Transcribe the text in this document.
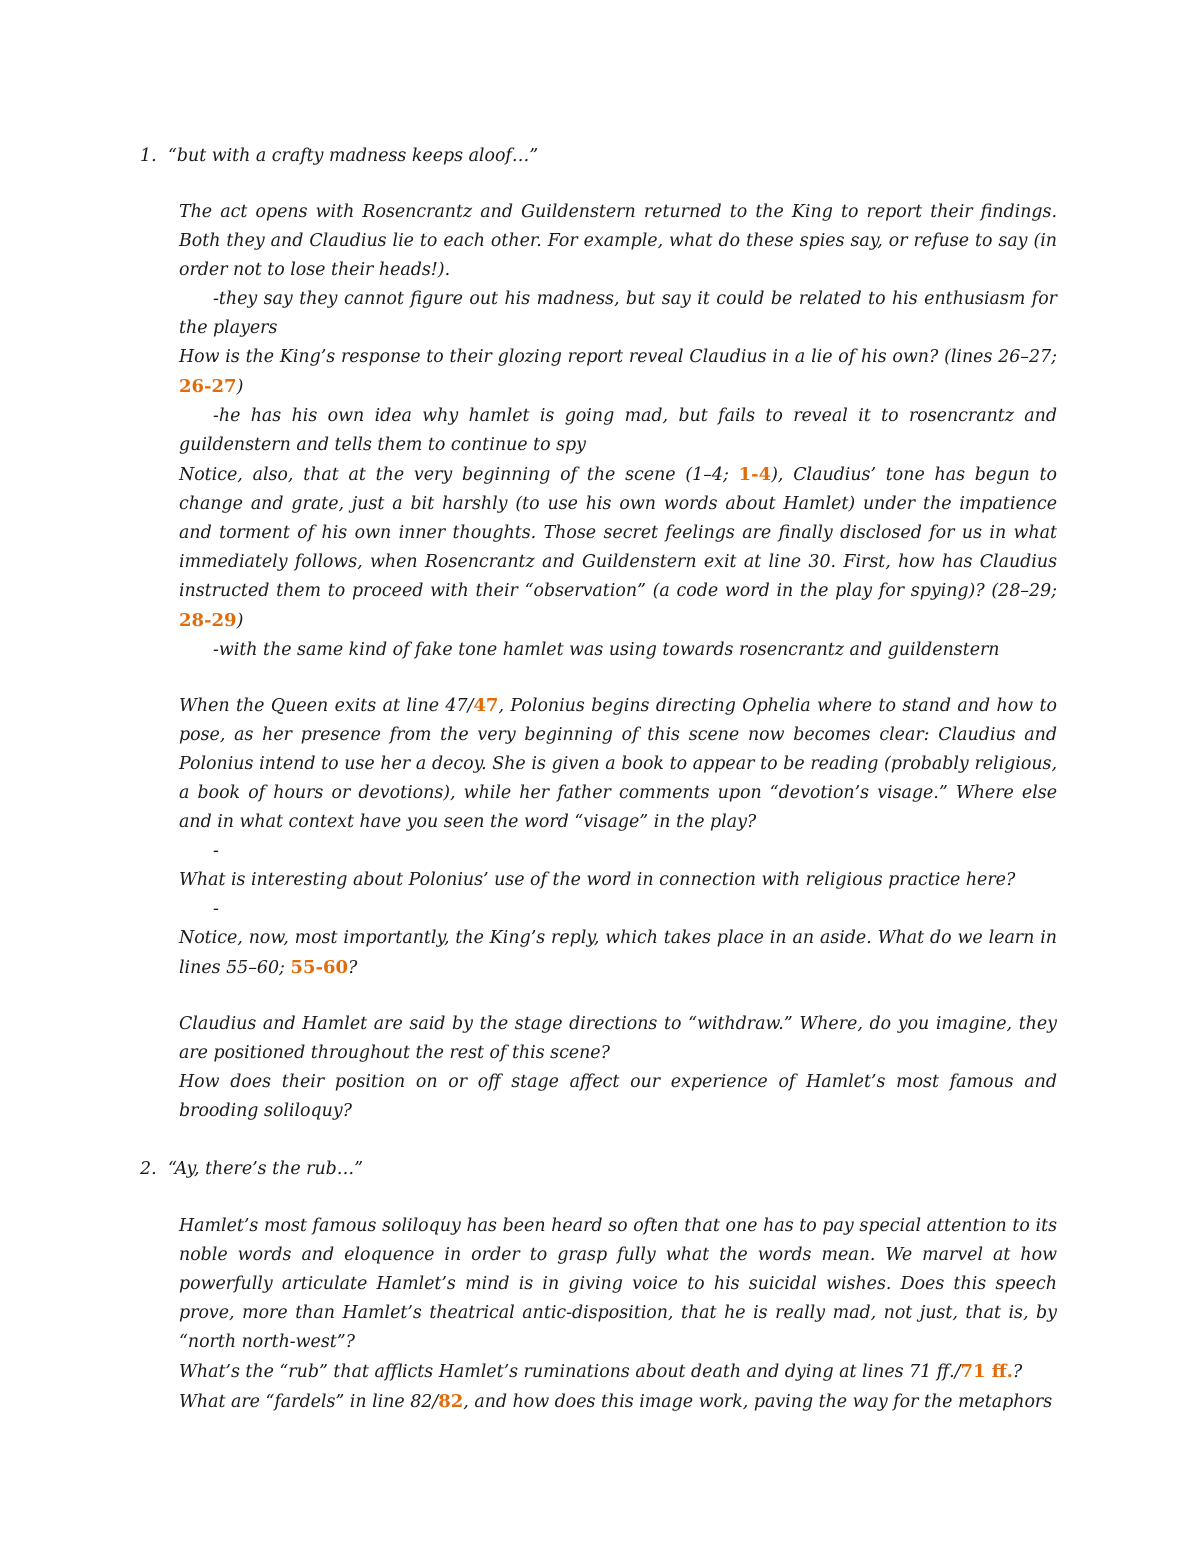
1. “but with a crafty madness keeps aloof…”

The act opens with Rosencrantz and Guildenstern returned to the King to report their findings. Both they and Claudius lie to each other. For example, what do these spies say, or refuse to say (in order not to lose their heads!).

-they say they cannot figure out his madness, but say it could be related to his enthusiasm for the players

How is the King’s response to their glozing report reveal Claudius in a lie of his own? (lines 26–27; 26-27)

-he has his own idea why hamlet is going mad, but fails to reveal it to rosencrantz and guildenstern and tells them to continue to spy

Notice, also, that at the very beginning of the scene (1–4; 1-4), Claudius’ tone has begun to change and grate, just a bit harshly (to use his own words about Hamlet) under the impatience and torment of his own inner thoughts. Those secret feelings are finally disclosed for us in what immediately follows, when Rosencrantz and Guildenstern exit at line 30. First, how has Claudius instructed them to proceed with their “observation” (a code word in the play for spying)? (28–29; 28-29)

-with the same kind of fake tone hamlet was using towards rosencrantz and guildenstern

When the Queen exits at line 47/47, Polonius begins directing Ophelia where to stand and how to pose, as her presence from the very beginning of this scene now becomes clear: Claudius and Polonius intend to use her a decoy. She is given a book to appear to be reading (probably religious, a book of hours or devotions), while her father comments upon “devotion’s visage.” Where else and in what context have you seen the word “visage” in the play?

-

What is interesting about Polonius’ use of the word in connection with religious practice here?

-

Notice, now, most importantly, the King’s reply, which takes place in an aside. What do we learn in lines 55–60; 55-60?

Claudius and Hamlet are said by the stage directions to “withdraw.” Where, do you imagine, they are positioned throughout the rest of this scene?

How does their position on or off stage affect our experience of Hamlet’s most famous and brooding soliloquy?

2. “Ay, there’s the rub…”

Hamlet’s most famous soliloquy has been heard so often that one has to pay special attention to its noble words and eloquence in order to grasp fully what the words mean. We marvel at how powerfully articulate Hamlet’s mind is in giving voice to his suicidal wishes. Does this speech prove, more than Hamlet’s theatrical antic-disposition, that he is really mad, not just, that is, by “north north-west”?

What’s the “rub” that afflicts Hamlet’s ruminations about death and dying at lines 71 ff./71 ff.?

What are “fardels” in line 82/82, and how does this image work, paving the way for the metaphors
